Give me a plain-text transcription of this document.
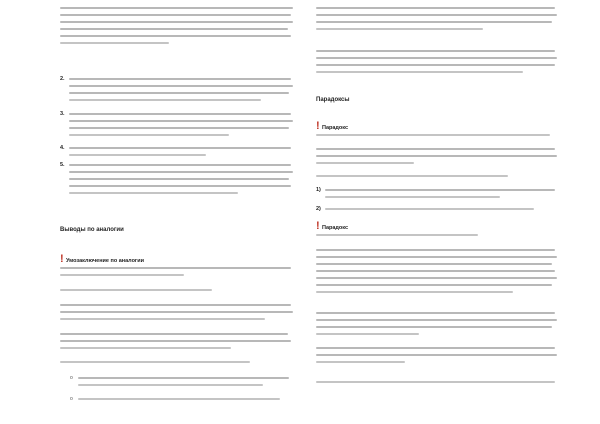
2.
3.
4.
5.
Выводы по аналогии
! Умозаключение по аналогии
o
o
Парадоксы
! Парадокс
1)
2)
! Парадокс
